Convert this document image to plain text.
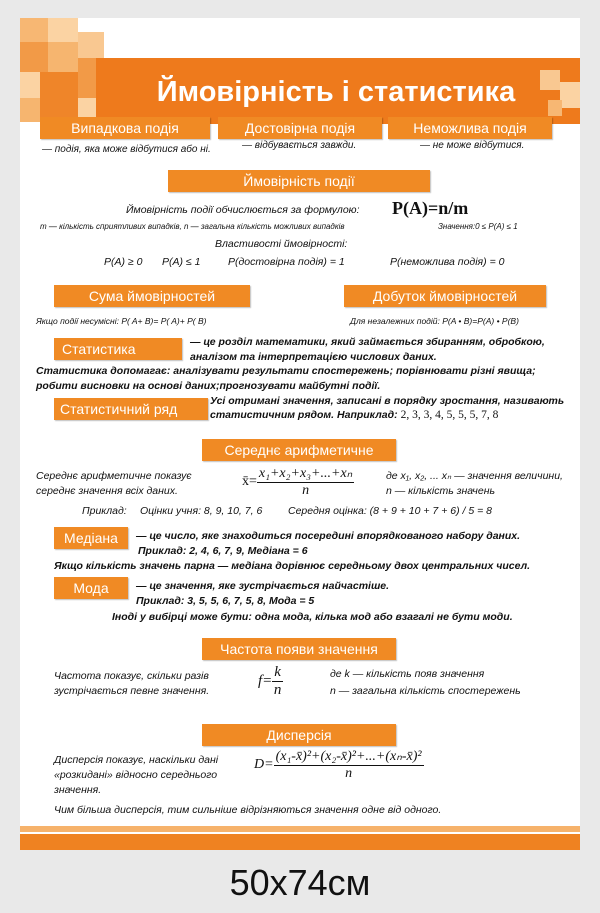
Ймовірність і статистика
Випадкова подія	Достовірна подія	Неможлива подія
— подія, яка може відбутися або ні.	— відбувається завжди.	— не може відбутися.
Ймовірність події
Ймовірність події обчислюється за формулою: P(A)=n/m
m — кількість сприятливих випадків, n — загальна кількість можливих випадків	Значення:0 ≤ P(A) ≤ 1
Властивості ймовірності:
P(A) ≥ 0 P(A) ≤ 1	P(достовірна подія) = 1	P(неможлива подія) = 0
Сума ймовірностей	Добуток ймовірностей
Якщо події несумісні: P( A+ B)= P( A)+ P( B)	Для незалежних подій: P(A • B)=P(A) • P(B)
Статистика	— це розділ математики, який займається збиранням, обробкою,
аналізом та інтерпретацією числових даних.
Статистика допомагає: аналізувати результати спостережень; порівнювати різні явища;
робити висновки на основі даних;прогнозувати майбутні події.
Статистичний ряд	Усі отримані значення, записані в порядку зростання, називають
статистичним рядом. Наприклад: 2, 3, 3, 4, 5, 5, 5, 7, 8
Середнє арифметичне
Середнє арифметичне показує
середнє значення всіх даних.
x̄= $\frac{\text{x₁+x₂+x₃+...+xₙ}}{n}$	де x₁, x₂, ... xₙ — значення величини,
n — кількість значень
Приклад: Оцінки учня: 8, 9, 10, 7, 6 Середня оцінка: (8 + 9 + 10 + 7 + 6) / 5 = 8
Медіана	— це число, яке знаходиться посередині впорядкованого набору даних.
Приклад: 2, 4, 6, 7, 9, Медіана = 6
Якщо кількість значень парна — медіана дорівнює середньому двох центральних чисел.
Мода	— це значення, яке зустрічається найчастіше.
Приклад: 3, 5, 5, 6, 7, 5, 8, Мода = 5
Іноді у вибірці може бути: одна мода, кілька мод або взагалі не бути моди.
Частота появи значення
Частота показує, скільки разів
зустрічається певне значення.
$f= \frac{k}{n}$	де k — кількість появ значення
n — загальна кількість спостережень
Дисперсія
Дисперсія показує, наскільки дані
«розкидані» відносно середнього
значення.
$D= \frac{\text{(x₁-x̄)²+(x₂-x̄)²+...+(xₙ-x̄)²}}{n}$
Чим більша дисперсія, тим сильніше відрізняються значення одне від одного.
50x74см
